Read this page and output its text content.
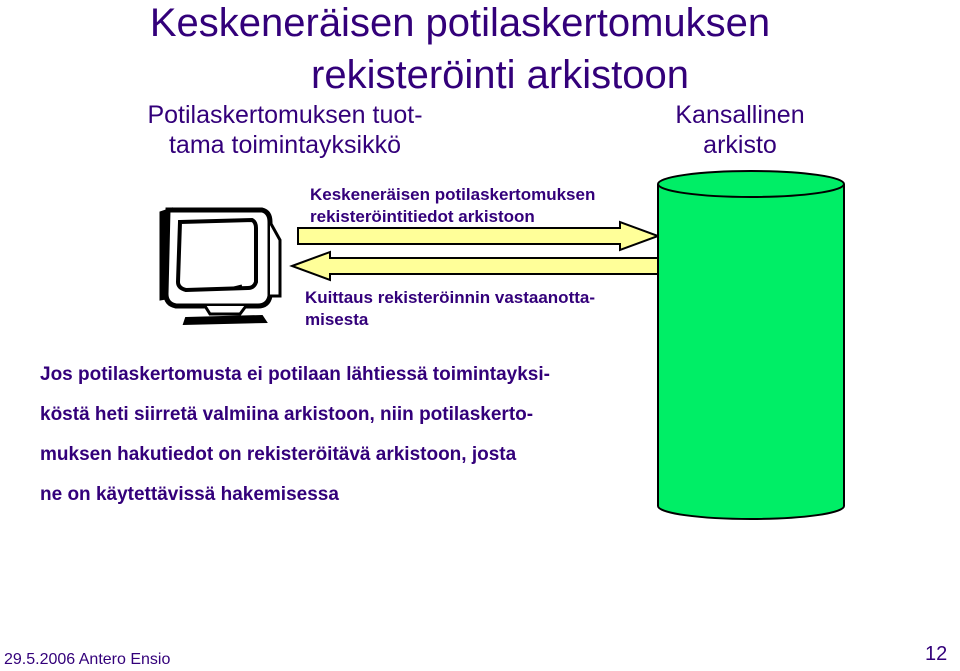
Keskeneräisen potilaskertomuksen
rekisteröinti arkistoon
Potilaskertomuksen tuot-
tama toimintayksikkö
Kansallinen
arkisto
Keskeneräisen potilaskertomuksen
rekisteröintitiedot arkistoon
Kuittaus rekisteröinnin vastaanotta-
misesta
Jos potilaskertomusta ei potilaan lähtiessä toimintayksi-
köstä heti siirretä valmiina arkistoon, niin potilaskerto-
muksen hakutiedot on rekisteröitävä arkistoon, josta
ne on käytettävissä hakemisessa
29.5.2006 Antero Ensio	12
